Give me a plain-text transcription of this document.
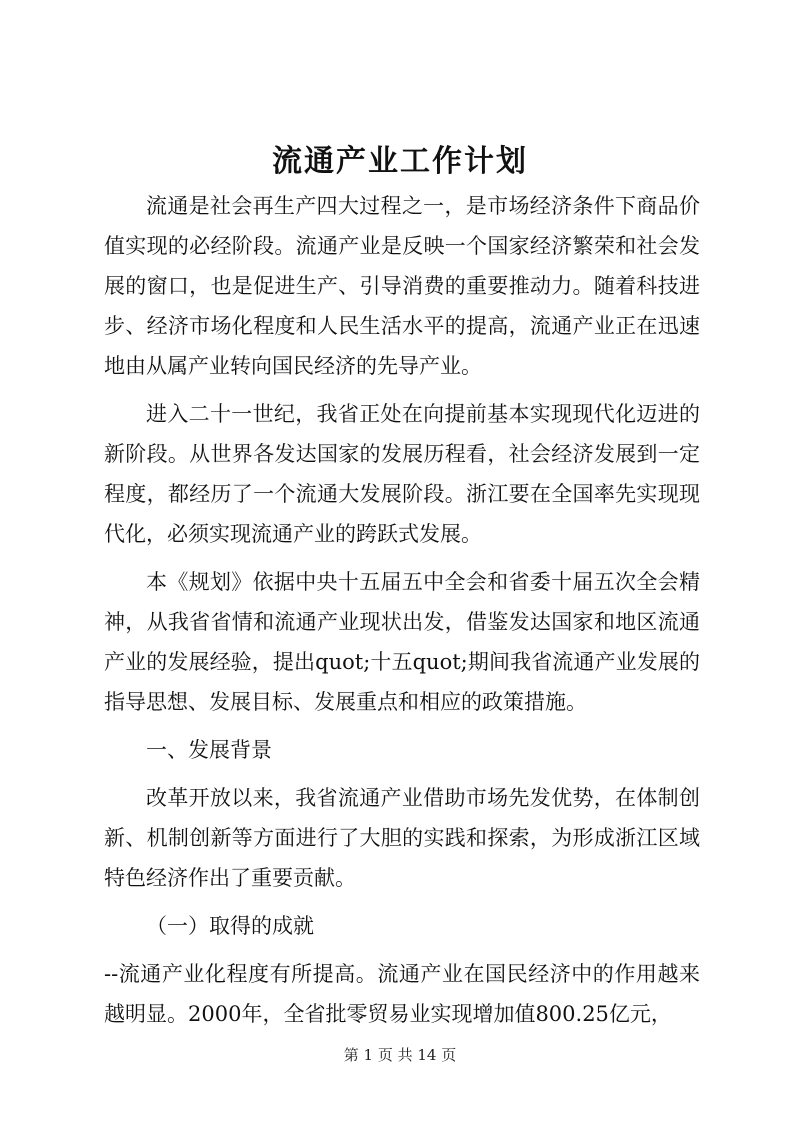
流通产业工作计划

流通是社会再生产四大过程之一，是市场经济条件下商品价值实现的必经阶段。流通产业是反映一个国家经济繁荣和社会发展的窗口，也是促进生产、引导消费的重要推动力。随着科技进步、经济市场化程度和人民生活水平的提高，流通产业正在迅速地由从属产业转向国民经济的先导产业。

进入二十一世纪，我省正处在向提前基本实现现代化迈进的新阶段。从世界各发达国家的发展历程看，社会经济发展到一定程度，都经历了一个流通大发展阶段。浙江要在全国率先实现现代化，必须实现流通产业的跨跃式发展。

本《规划》依据中央十五届五中全会和省委十届五次全会精神，从我省省情和流通产业现状出发，借鉴发达国家和地区流通产业的发展经验，提出quot;十五quot;期间我省流通产业发展的指导思想、发展目标、发展重点和相应的政策措施。

一、发展背景

改革开放以来，我省流通产业借助市场先发优势，在体制创新、机制创新等方面进行了大胆的实践和探索，为形成浙江区域特色经济作出了重要贡献。

（一）取得的成就

--流通产业化程度有所提高。流通产业在国民经济中的作用越来越明显。2000年，全省批零贸易业实现增加值800.25亿元，

第 1 页 共 14 页
